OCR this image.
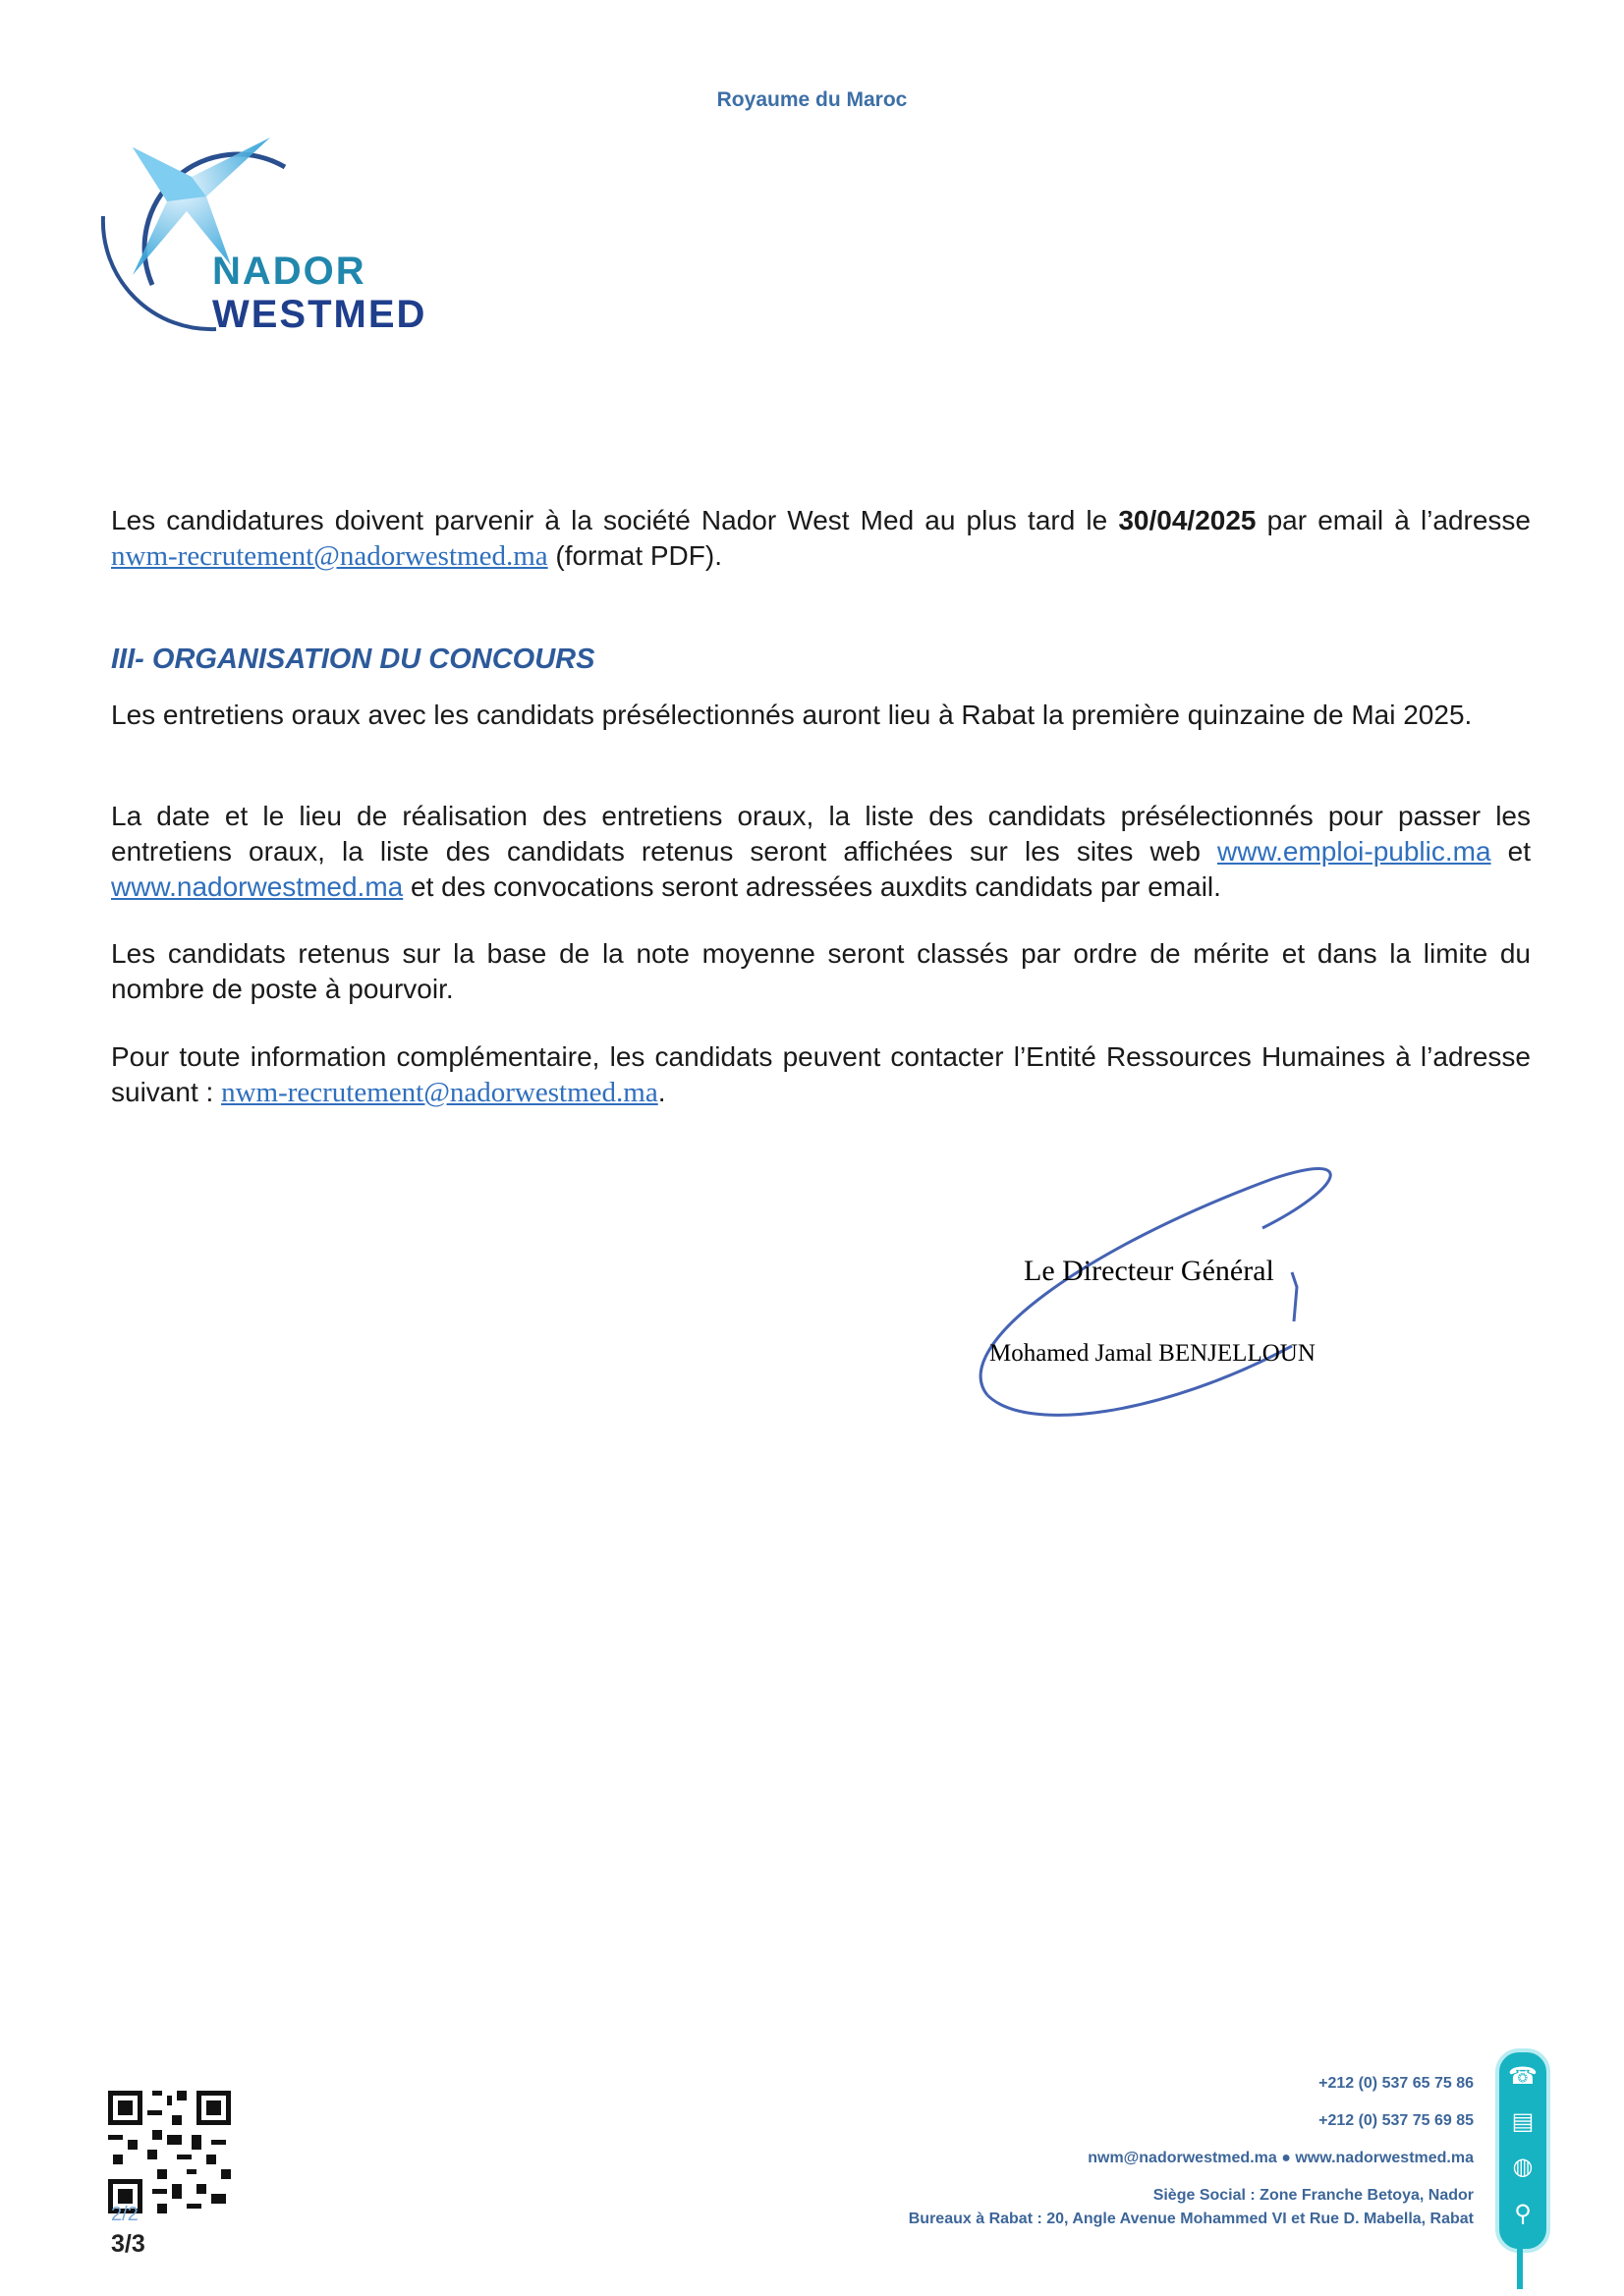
Royaume du Maroc
NADOR
WESTMED
Les candidatures doivent parvenir à la société Nador West Med au plus tard le 30/04/2025 par email à l’adresse nwm-recrutement@nadorwestmed.ma (format PDF).
III- ORGANISATION DU CONCOURS
Les entretiens oraux avec les candidats présélectionnés auront lieu à Rabat la première quinzaine de Mai 2025.
La date et le lieu de réalisation des entretiens oraux, la liste des candidats présélectionnés pour passer les entretiens oraux, la liste des candidats retenus seront affichées sur les sites web www.emploi-public.ma et www.nadorwestmed.ma et des convocations seront adressées auxdits candidats par email.
Les candidats retenus sur la base de la note moyenne seront classés par ordre de mérite et dans la limite du nombre de poste à pourvoir.
Pour toute information complémentaire, les candidats peuvent contacter l’Entité Ressources Humaines à l’adresse suivant : nwm-recrutement@nadorwestmed.ma.
Le Directeur Général
Mohamed Jamal BENJELLOUN
2/2
3/3
+212 (0) 537 65 75 86
+212 (0) 537 75 69 85
nwm@nadorwestmed.ma ● www.nadorwestmed.ma
Siège Social : Zone Franche Betoya, Nador
Bureaux à Rabat : 20, Angle Avenue Mohammed VI et Rue D. Mabella, Rabat
☎
▤
◍
⚲
